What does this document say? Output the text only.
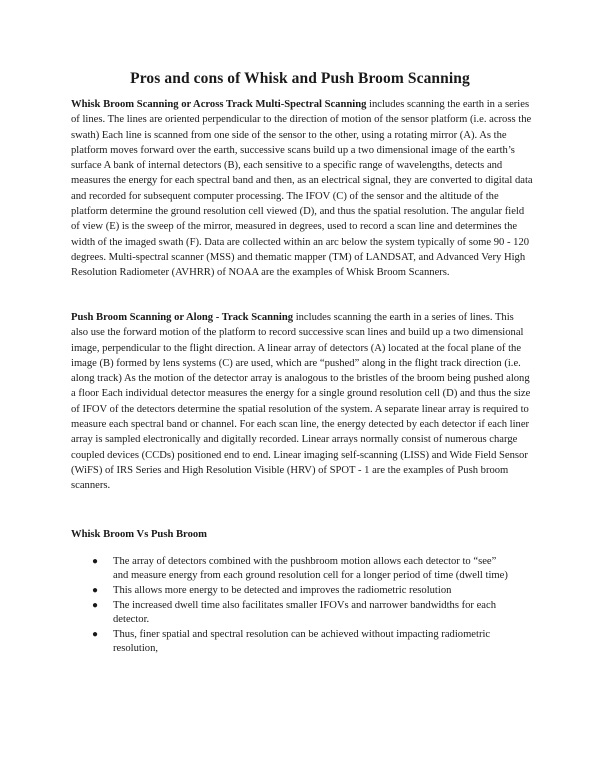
Pros and cons of Whisk and Push Broom Scanning

Whisk Broom Scanning or Across Track Multi-Spectral Scanning includes scanning the earth in a series of lines. The lines are oriented perpendicular to the direction of motion of the sensor platform (i.e. across the swath) Each line is scanned from one side of the sensor to the other, using a rotating mirror (A). As the platform moves forward over the earth, successive scans build up a two dimensional image of the earth’s surface A bank of internal detectors (B), each sensitive to a specific range of wavelengths, detects and measures the energy for each spectral band and then, as an electrical signal, they are converted to digital data and recorded for subsequent computer processing. The IFOV (C) of the sensor and the altitude of the platform determine the ground resolution cell viewed (D), and thus the spatial resolution. The angular field of view (E) is the sweep of the mirror, measured in degrees, used to record a scan line and determines the width of the imaged swath (F). Data are collected within an arc below the system typically of some 90 - 120 degrees. Multi-spectral scanner (MSS) and thematic mapper (TM) of LANDSAT, and Advanced Very High Resolution Radiometer (AVHRR) of NOAA are the examples of Whisk Broom Scanners.

Push Broom Scanning or Along - Track Scanning includes scanning the earth in a series of lines. This also use the forward motion of the platform to record successive scan lines and build up a two dimensional image, perpendicular to the flight direction. A linear array of detectors (A) located at the focal plane of the image (B) formed by lens systems (C) are used, which are “pushed” along in the flight track direction (i.e. along track) As the motion of the detector array is analogous to the bristles of the broom being pushed along a floor Each individual detector measures the energy for a single ground resolution cell (D) and thus the size of IFOV of the detectors determine the spatial resolution of the system. A separate linear array is required to measure each spectral band or channel. For each scan line, the energy detected by each detector if each liner array is sampled electronically and digitally recorded. Linear arrays normally consist of numerous charge coupled devices (CCDs) positioned end to end. Linear imaging self-scanning (LISS) and Wide Field Sensor (WiFS) of IRS Series and High Resolution Visible (HRV) of SPOT - 1 are the examples of Push broom scanners.

Whisk Broom Vs Push Broom
● The array of detectors combined with the pushbroom motion allows each detector to “see” and measure energy from each ground resolution cell for a longer period of time (dwell time)
● This allows more energy to be detected and improves the radiometric resolution
● The increased dwell time also facilitates smaller IFOVs and narrower bandwidths for each detector.
● Thus, finer spatial and spectral resolution can be achieved without impacting radiometric resolution,
